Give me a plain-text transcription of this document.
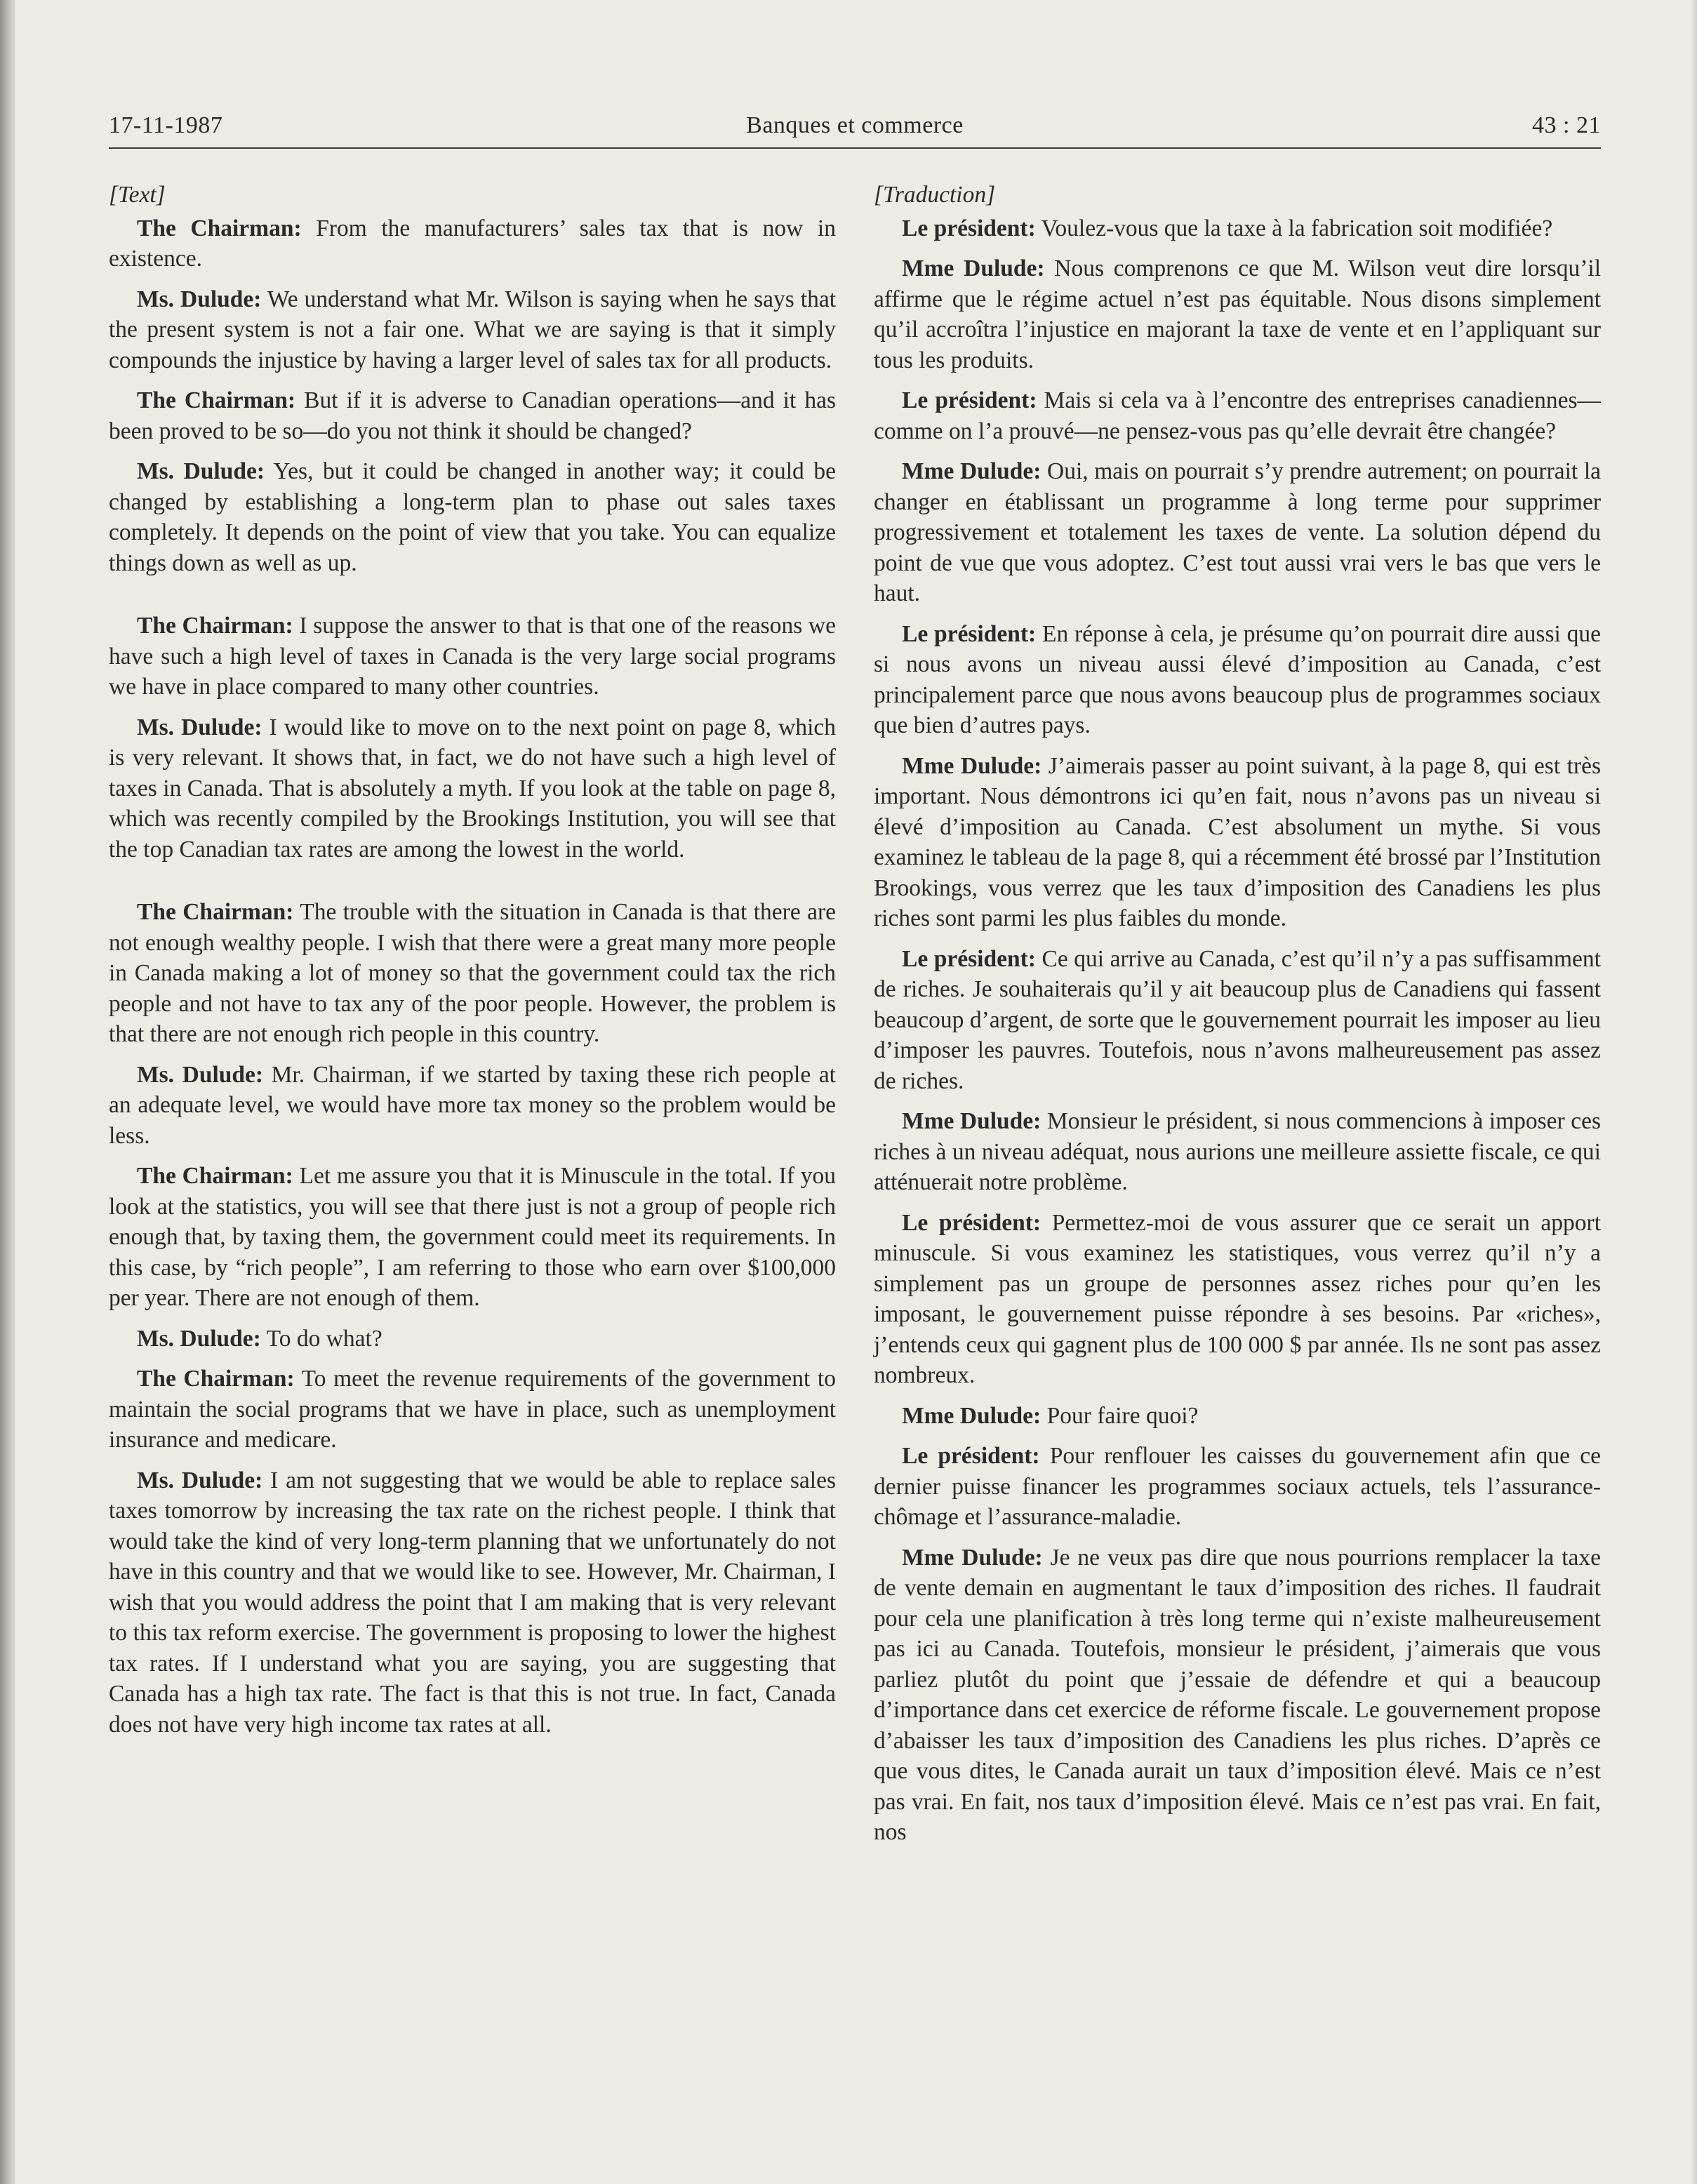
17-11-1987	Banques et commerce	43 : 21
[Text]

The Chairman: From the manufacturers’ sales tax that is now in existence.

Ms. Dulude: We understand what Mr. Wilson is saying when he says that the present system is not a fair one. What we are saying is that it simply compounds the injustice by having a larger level of sales tax for all products.

The Chairman: But if it is adverse to Canadian operations—and it has been proved to be so—do you not think it should be changed?

Ms. Dulude: Yes, but it could be changed in another way; it could be changed by establishing a long-term plan to phase out sales taxes completely. It depends on the point of view that you take. You can equalize things down as well as up.

The Chairman: I suppose the answer to that is that one of the reasons we have such a high level of taxes in Canada is the very large social programs we have in place compared to many other countries.

Ms. Dulude: I would like to move on to the next point on page 8, which is very relevant. It shows that, in fact, we do not have such a high level of taxes in Canada. That is absolutely a myth. If you look at the table on page 8, which was recently compiled by the Brookings Institution, you will see that the top Canadian tax rates are among the lowest in the world.

The Chairman: The trouble with the situation in Canada is that there are not enough wealthy people. I wish that there were a great many more people in Canada making a lot of money so that the government could tax the rich people and not have to tax any of the poor people. However, the problem is that there are not enough rich people in this country.

Ms. Dulude: Mr. Chairman, if we started by taxing these rich people at an adequate level, we would have more tax money so the problem would be less.

The Chairman: Let me assure you that it is Minuscule in the total. If you look at the statistics, you will see that there just is not a group of people rich enough that, by taxing them, the government could meet its requirements. In this case, by “rich people”, I am referring to those who earn over $100,000 per year. There are not enough of them.

Ms. Dulude: To do what?

The Chairman: To meet the revenue requirements of the government to maintain the social programs that we have in place, such as unemployment insurance and medicare.

Ms. Dulude: I am not suggesting that we would be able to replace sales taxes tomorrow by increasing the tax rate on the richest people. I think that would take the kind of very long-term planning that we unfortunately do not have in this country and that we would like to see. However, Mr. Chairman, I wish that you would address the point that I am making that is very relevant to this tax reform exercise. The government is proposing to lower the highest tax rates. If I understand what you are saying, you are suggesting that Canada has a high tax rate. The fact is that this is not true. In fact, Canada does not have very high income tax rates at all.

[Traduction]

Le président: Voulez-vous que la taxe à la fabrication soit modifiée?

Mme Dulude: Nous comprenons ce que M. Wilson veut dire lorsqu’il affirme que le régime actuel n’est pas équitable. Nous disons simplement qu’il accroîtra l’injustice en majorant la taxe de vente et en l’appliquant sur tous les produits.

Le président: Mais si cela va à l’encontre des entreprises canadiennes—comme on l’a prouvé—ne pensez-vous pas qu’elle devrait être changée?

Mme Dulude: Oui, mais on pourrait s’y prendre autrement; on pourrait la changer en établissant un programme à long terme pour supprimer progressivement et totalement les taxes de vente. La solution dépend du point de vue que vous adoptez. C’est tout aussi vrai vers le bas que vers le haut.

Le président: En réponse à cela, je présume qu’on pourrait dire aussi que si nous avons un niveau aussi élevé d’imposition au Canada, c’est principalement parce que nous avons beaucoup plus de programmes sociaux que bien d’autres pays.

Mme Dulude: J’aimerais passer au point suivant, à la page 8, qui est très important. Nous démontrons ici qu’en fait, nous n’avons pas un niveau si élevé d’imposition au Canada. C’est absolument un mythe. Si vous examinez le tableau de la page 8, qui a récemment été brossé par l’Institution Brookings, vous verrez que les taux d’imposition des Canadiens les plus riches sont parmi les plus faibles du monde.

Le président: Ce qui arrive au Canada, c’est qu’il n’y a pas suffisamment de riches. Je souhaiterais qu’il y ait beaucoup plus de Canadiens qui fassent beaucoup d’argent, de sorte que le gouvernement pourrait les imposer au lieu d’imposer les pauvres. Toutefois, nous n’avons malheureusement pas assez de riches.

Mme Dulude: Monsieur le président, si nous commencions à imposer ces riches à un niveau adéquat, nous aurions une meilleure assiette fiscale, ce qui atténuerait notre problème.

Le président: Permettez-moi de vous assurer que ce serait un apport minuscule. Si vous examinez les statistiques, vous verrez qu’il n’y a simplement pas un groupe de personnes assez riches pour qu’en les imposant, le gouvernement puisse répondre à ses besoins. Par «riches», j’entends ceux qui gagnent plus de 100 000 $ par année. Ils ne sont pas assez nombreux.

Mme Dulude: Pour faire quoi?

Le président: Pour renflouer les caisses du gouvernement afin que ce dernier puisse financer les programmes sociaux actuels, tels l’assurance-chômage et l’assurance-maladie.

Mme Dulude: Je ne veux pas dire que nous pourrions remplacer la taxe de vente demain en augmentant le taux d’imposition des riches. Il faudrait pour cela une planification à très long terme qui n’existe malheureusement pas ici au Canada. Toutefois, monsieur le président, j’aimerais que vous parliez plutôt du point que j’essaie de défendre et qui a beaucoup d’importance dans cet exercice de réforme fiscale. Le gouvernement propose d’abaisser les taux d’imposition des Canadiens les plus riches. D’après ce que vous dites, le Canada aurait un taux d’imposition élevé. Mais ce n’est pas vrai. En fait, nos taux d’imposition élevé. Mais ce n’est pas vrai. En fait, nos
